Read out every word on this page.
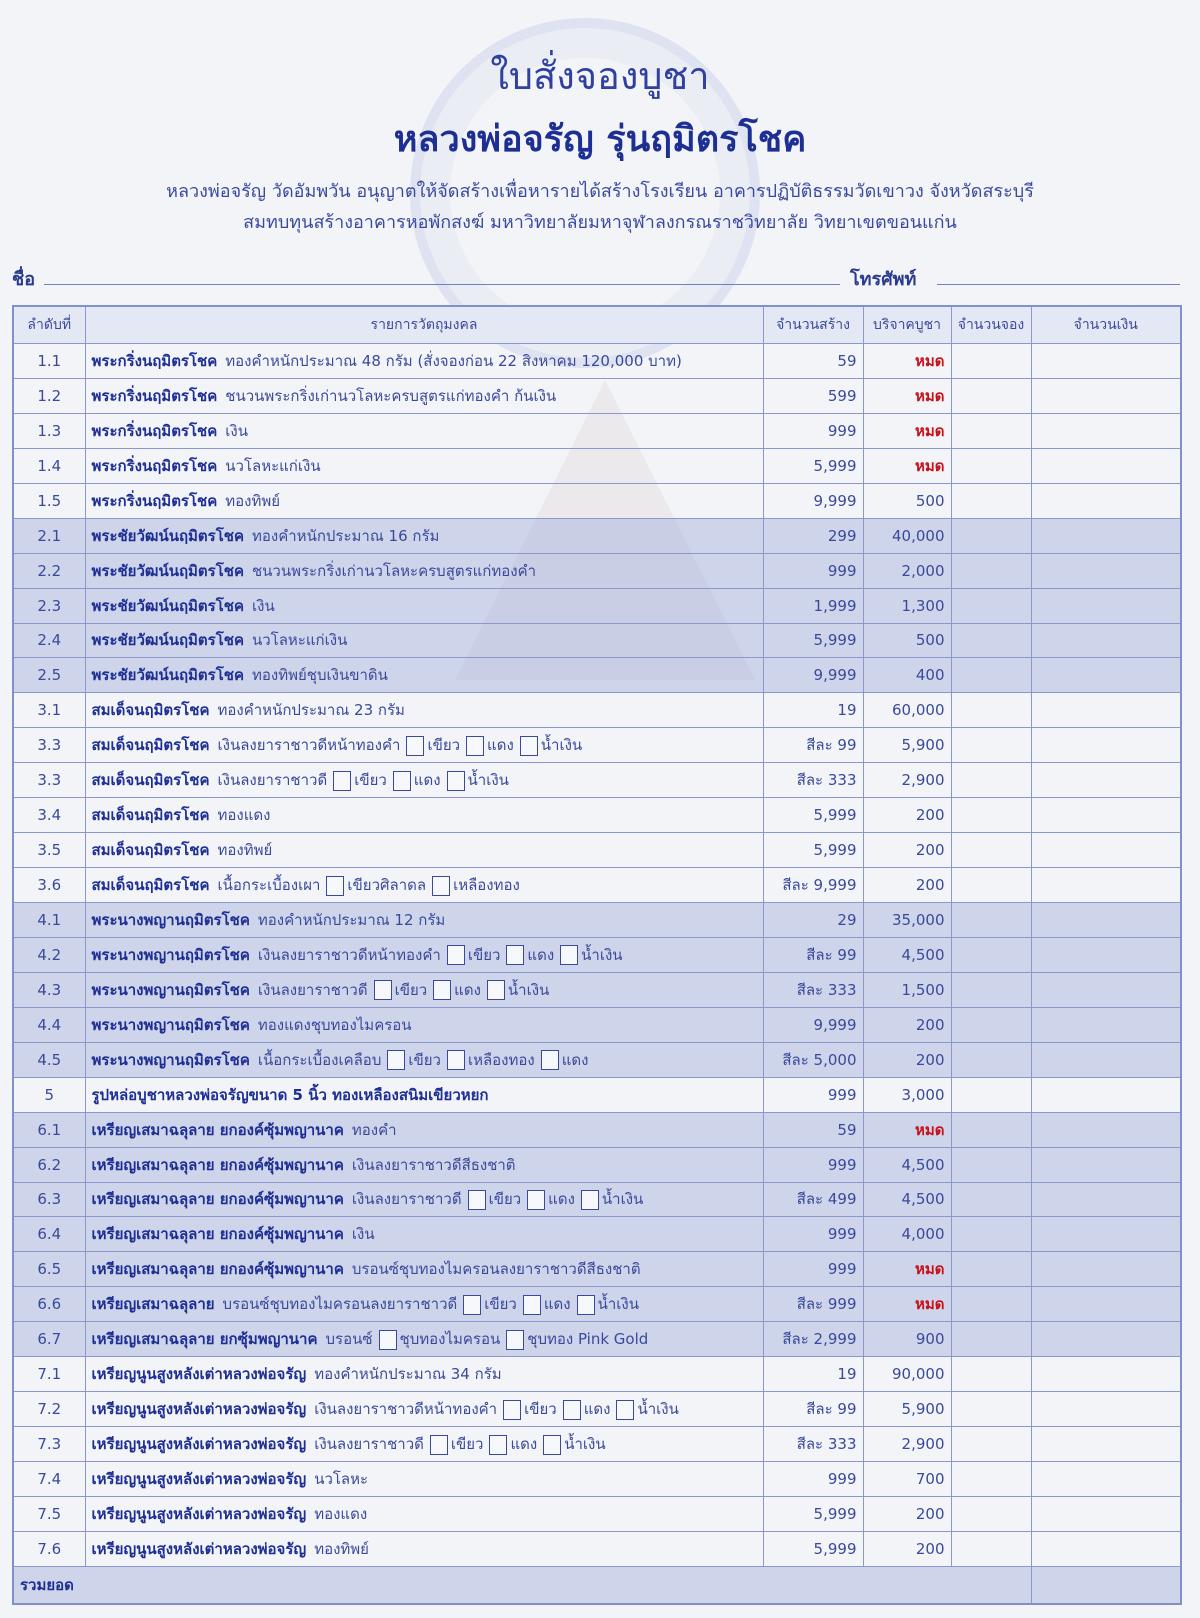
ใบสั่งจองบูชา
หลวงพ่อจรัญ รุ่นฤมิตรโชค
หลวงพ่อจรัญ วัดอัมพวัน อนุญาตให้จัดสร้างเพื่อหารายได้สร้างโรงเรียน อาคารปฏิบัติธรรมวัดเขาวง จังหวัดสระบุรี
สมทบทุนสร้างอาคารหอพักสงฆ์ มหาวิทยาลัยมหาจุฬาลงกรณราชวิทยาลัย วิทยาเขตขอนแก่น
ชื่อ	โทรศัพท์
ลำดับที่	รายการวัตถุมงคล	จำนวนสร้าง	บริจาคบูชา	จำนวนจอง	จำนวนเงิน
1.1	พระกริ่งนฤมิตรโชค ทองคำหนักประมาณ 48 กรัม (สั่งจองก่อน 22 สิงหาคม 120,000 บาท)	59	หมด		
1.2	พระกริ่งนฤมิตรโชค ชนวนพระกริ่งเก่านวโลหะครบสูตรแก่ทองคำ ก้นเงิน	599	หมด		
1.3	พระกริ่งนฤมิตรโชค เงิน	999	หมด		
1.4	พระกริ่งนฤมิตรโชค นวโลหะแก่เงิน	5,999	หมด		
1.5	พระกริ่งนฤมิตรโชค ทองทิพย์	9,999	500		
2.1	พระชัยวัฒน์นฤมิตรโชค ทองคำหนักประมาณ 16 กรัม	299	40,000		
2.2	พระชัยวัฒน์นฤมิตรโชค ชนวนพระกริ่งเก่านวโลหะครบสูตรแก่ทองคำ	999	2,000		
2.3	พระชัยวัฒน์นฤมิตรโชค เงิน	1,999	1,300		
2.4	พระชัยวัฒน์นฤมิตรโชค นวโลหะแก่เงิน	5,999	500		
2.5	พระชัยวัฒน์นฤมิตรโชค ทองทิพย์ชุบเงินขาดิน	9,999	400		
3.1	สมเด็จนฤมิตรโชค ทองคำหนักประมาณ 23 กรัม	19	60,000		
3.3	สมเด็จนฤมิตรโชค เงินลงยาราชาวดีหน้าทองคำ เขียว แดง น้ำเงิน	สีละ 99	5,900		
3.3	สมเด็จนฤมิตรโชค เงินลงยาราชาวดี เขียว แดง น้ำเงิน	สีละ 333	2,900		
3.4	สมเด็จนฤมิตรโชค ทองแดง	5,999	200		
3.5	สมเด็จนฤมิตรโชค ทองทิพย์	5,999	200		
3.6	สมเด็จนฤมิตรโชค เนื้อกระเบื้องเผา เขียวศิลาดล เหลืองทอง	สีละ 9,999	200		
4.1	พระนางพญานฤมิตรโชค ทองคำหนักประมาณ 12 กรัม	29	35,000		
4.2	พระนางพญานฤมิตรโชค เงินลงยาราชาวดีหน้าทองคำ เขียว แดง น้ำเงิน	สีละ 99	4,500		
4.3	พระนางพญานฤมิตรโชค เงินลงยาราชาวดี เขียว แดง น้ำเงิน	สีละ 333	1,500		
4.4	พระนางพญานฤมิตรโชค ทองแดงชุบทองไมครอน	9,999	200		
4.5	พระนางพญานฤมิตรโชค เนื้อกระเบื้องเคลือบ เขียว เหลืองทอง แดง	สีละ 5,000	200		
5	รูปหล่อบูชาหลวงพ่อจรัญขนาด 5 นิ้ว ทองเหลืองสนิมเขียวหยก	999	3,000		
6.1	เหรียญเสมาฉลุลาย ยกองค์ซุ้มพญานาค ทองคำ	59	หมด		
6.2	เหรียญเสมาฉลุลาย ยกองค์ซุ้มพญานาค เงินลงยาราชาวดีสีธงชาติ	999	4,500		
6.3	เหรียญเสมาฉลุลาย ยกองค์ซุ้มพญานาค เงินลงยาราชาวดี เขียว แดง น้ำเงิน	สีละ 499	4,500		
6.4	เหรียญเสมาฉลุลาย ยกองค์ซุ้มพญานาค เงิน	999	4,000		
6.5	เหรียญเสมาฉลุลาย ยกองค์ซุ้มพญานาค บรอนซ์ชุบทองไมครอนลงยาราชาวดีสีธงชาติ	999	หมด		
6.6	เหรียญเสมาฉลุลาย บรอนซ์ชุบทองไมครอนลงยาราชาวดี เขียว แดง น้ำเงิน	สีละ 999	หมด		
6.7	เหรียญเสมาฉลุลาย ยกซุ้มพญานาค บรอนซ์ ชุบทองไมครอน ชุบทอง Pink Gold	สีละ 2,999	900		
7.1	เหรียญนูนสูงหลังเต่าหลวงพ่อจรัญ ทองคำหนักประมาณ 34 กรัม	19	90,000		
7.2	เหรียญนูนสูงหลังเต่าหลวงพ่อจรัญ เงินลงยาราชาวดีหน้าทองคำ เขียว แดง น้ำเงิน	สีละ 99	5,900		
7.3	เหรียญนูนสูงหลังเต่าหลวงพ่อจรัญ เงินลงยาราชาวดี เขียว แดง น้ำเงิน	สีละ 333	2,900		
7.4	เหรียญนูนสูงหลังเต่าหลวงพ่อจรัญ นวโลหะ	999	700		
7.5	เหรียญนูนสูงหลังเต่าหลวงพ่อจรัญ ทองแดง	5,999	200		
7.6	เหรียญนูนสูงหลังเต่าหลวงพ่อจรัญ ทองทิพย์	5,999	200		
รวมยอด					
